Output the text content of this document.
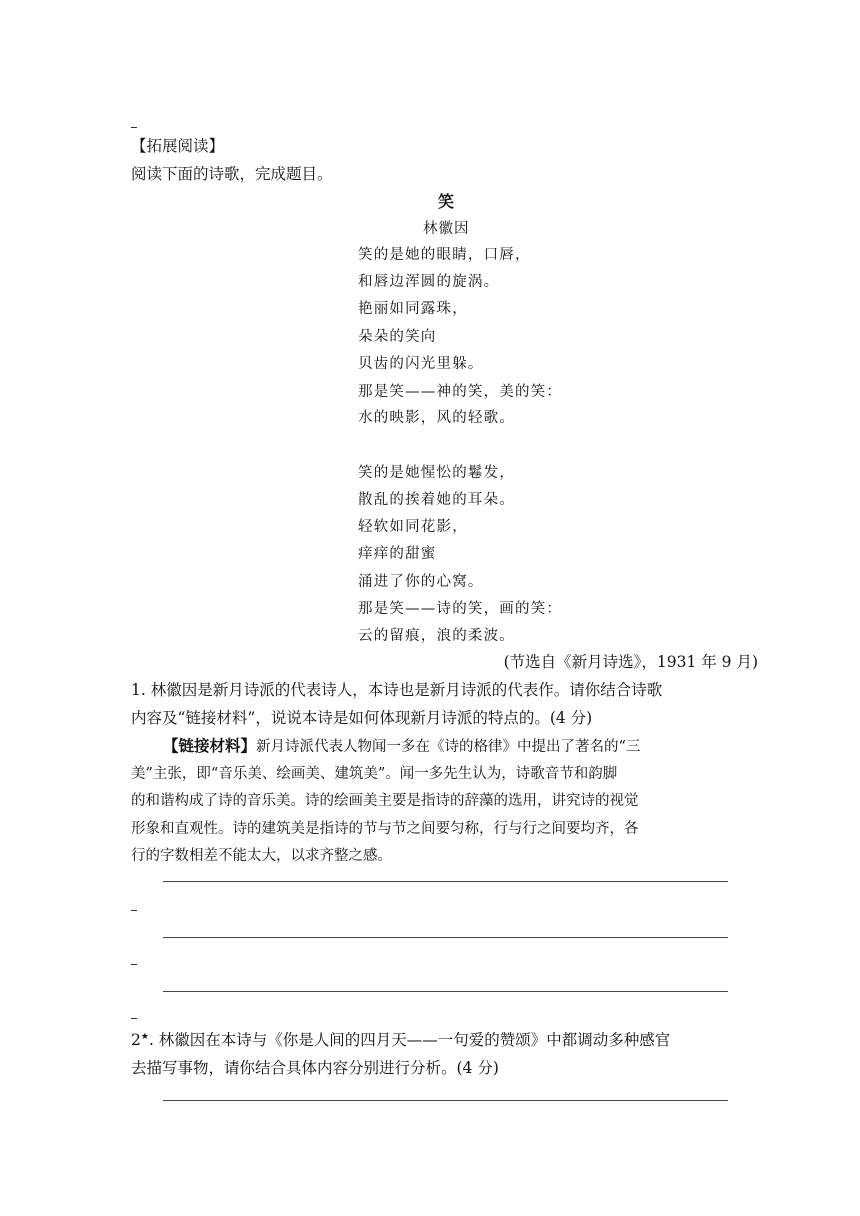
【拓展阅读】
阅读下面的诗歌，完成题目。
笑
林徽因
笑的是她的眼睛，口唇，
和唇边浑圆的旋涡。
艳丽如同露珠，
朵朵的笑向
贝齿的闪光里躲。
那是笑——神的笑，美的笑：
水的映影，风的轻歌。
笑的是她惺忪的鬈发，
散乱的挨着她的耳朵。
轻软如同花影，
痒痒的甜蜜
涌进了你的心窝。
那是笑——诗的笑，画的笑：
云的留痕，浪的柔波。
(节选自《新月诗选》，1931 年 9 月)
1. 林徽因是新月诗派的代表诗人，本诗也是新月诗派的代表作。请你结合诗歌
内容及“链接材料”，说说本诗是如何体现新月诗派的特点的。(4 分)
【链接材料】新月诗派代表人物闻一多在《诗的格律》中提出了著名的“三
美”主张，即“音乐美、绘画美、建筑美”。闻一多先生认为，诗歌音节和韵脚
的和谐构成了诗的音乐美。诗的绘画美主要是指诗的辞藻的选用，讲究诗的视觉
形象和直观性。诗的建筑美是指诗的节与节之间要匀称，行与行之间要均齐，各
行的字数相差不能太大，以求齐整之感。
2★. 林徽因在本诗与《你是人间的四月天——一句爱的赞颂》中都调动多种感官
去描写事物，请你结合具体内容分别进行分析。(4 分)
